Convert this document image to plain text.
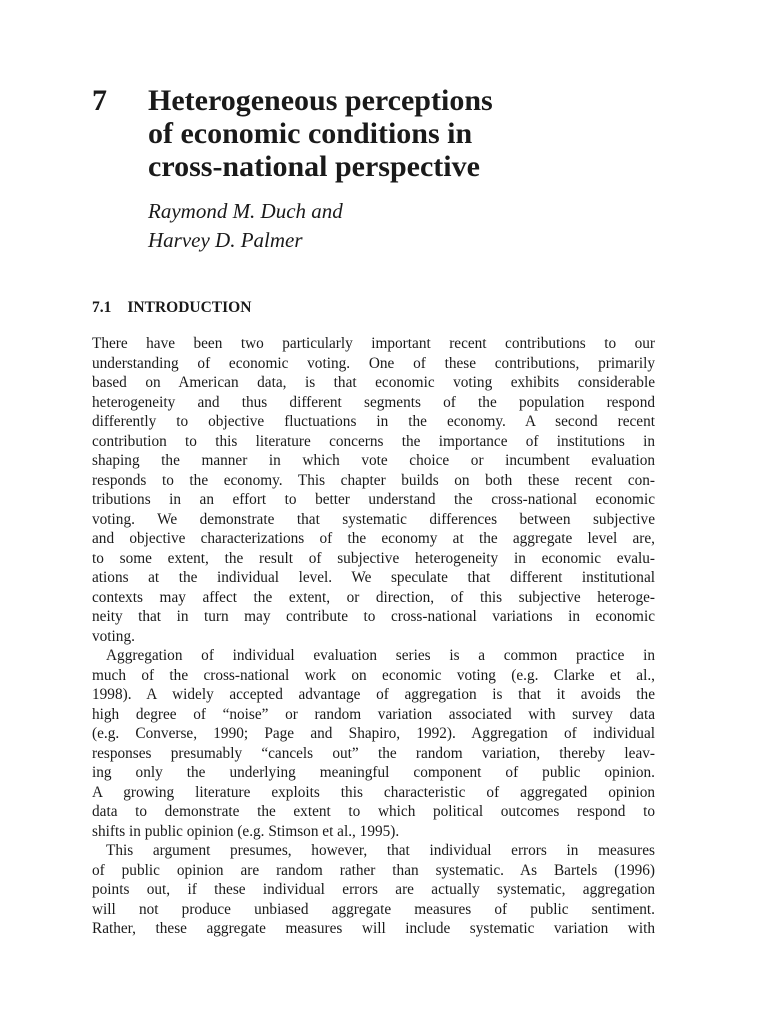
7 Heterogeneous perceptions
of economic conditions in
cross-national perspective
Raymond M. Duch and
Harvey D. Palmer
7.1 INTRODUCTION
There have been two particularly important recent contributions to our
understanding of economic voting. One of these contributions, primarily
based on American data, is that economic voting exhibits considerable
heterogeneity and thus different segments of the population respond
differently to objective fluctuations in the economy. A second recent
contribution to this literature concerns the importance of institutions in
shaping the manner in which vote choice or incumbent evaluation
responds to the economy. This chapter builds on both these recent con-
tributions in an effort to better understand the cross-national economic
voting. We demonstrate that systematic differences between subjective
and objective characterizations of the economy at the aggregate level are,
to some extent, the result of subjective heterogeneity in economic evalu-
ations at the individual level. We speculate that different institutional
contexts may affect the extent, or direction, of this subjective heteroge-
neity that in turn may contribute to cross-national variations in economic
voting.
Aggregation of individual evaluation series is a common practice in
much of the cross-national work on economic voting (e.g. Clarke et al.,
1998). A widely accepted advantage of aggregation is that it avoids the
high degree of “noise” or random variation associated with survey data
(e.g. Converse, 1990; Page and Shapiro, 1992). Aggregation of individual
responses presumably “cancels out” the random variation, thereby leav-
ing only the underlying meaningful component of public opinion.
A growing literature exploits this characteristic of aggregated opinion
data to demonstrate the extent to which political outcomes respond to
shifts in public opinion (e.g. Stimson et al., 1995).
This argument presumes, however, that individual errors in measures
of public opinion are random rather than systematic. As Bartels (1996)
points out, if these individual errors are actually systematic, aggregation
will not produce unbiased aggregate measures of public sentiment.
Rather, these aggregate measures will include systematic variation with
